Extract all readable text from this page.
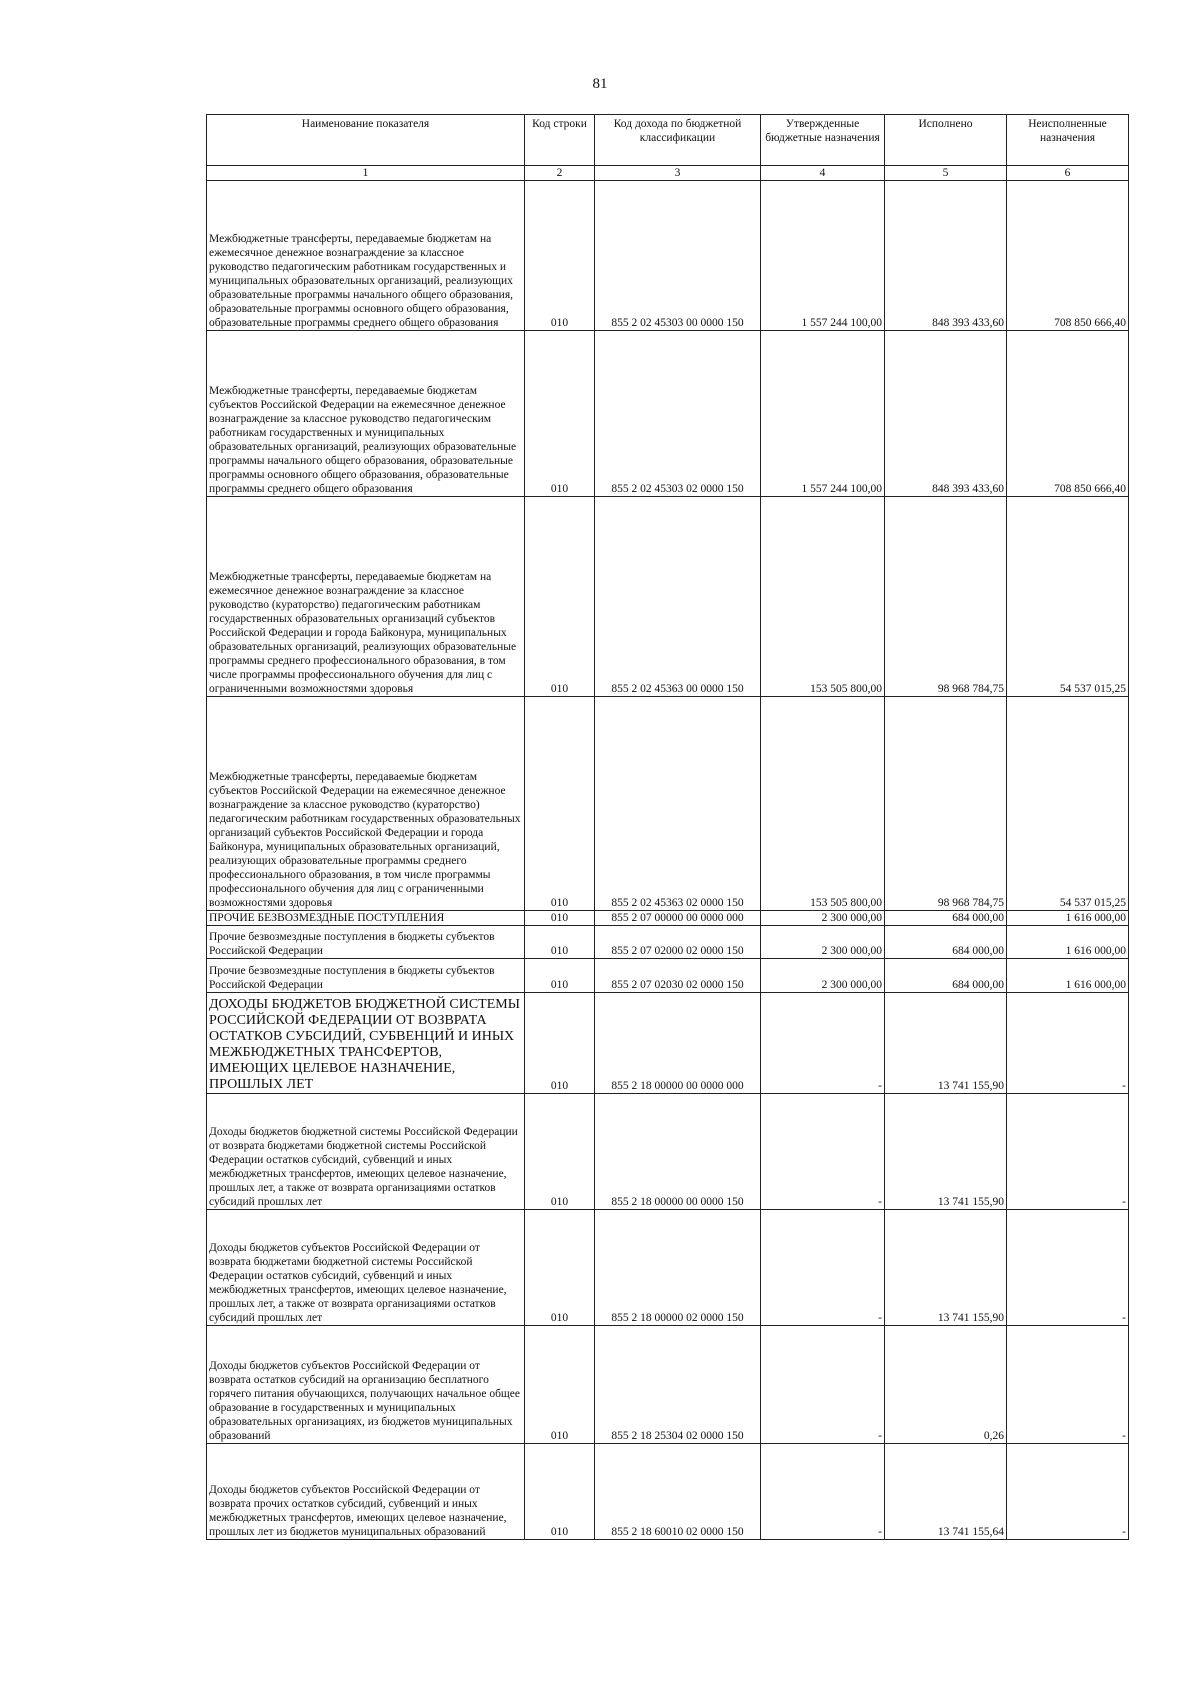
81
Наименование показателя	Код строки	Код дохода по бюджетной классификации	Утвержденные бюджетные назначения	Исполнено	Неисполненные назначения
1	2	3	4	5	6
Межбюджетные трансферты, передаваемые бюджетам на ежемесячное денежное вознаграждение за классное руководство педагогическим работникам государственных и муниципальных образовательных организаций, реализующих образовательные программы начального общего образования, образовательные программы основного общего образования, образовательные программы среднего общего образования	010	855 2 02 45303 00 0000 150	1 557 244 100,00	848 393 433,60	708 850 666,40
Межбюджетные трансферты, передаваемые бюджетам субъектов Российской Федерации на ежемесячное денежное вознаграждение за классное руководство педагогическим работникам государственных и муниципальных образовательных организаций, реализующих образовательные программы начального общего образования, образовательные программы основного общего образования, образовательные программы среднего общего образования	010	855 2 02 45303 02 0000 150	1 557 244 100,00	848 393 433,60	708 850 666,40
Межбюджетные трансферты, передаваемые бюджетам на ежемесячное денежное вознаграждение за классное руководство (кураторство) педагогическим работникам государственных образовательных организаций субъектов Российской Федерации и города Байконура, муниципальных образовательных организаций, реализующих образовательные программы среднего профессионального образования, в том числе программы профессионального обучения для лиц с ограниченными возможностями здоровья	010	855 2 02 45363 00 0000 150	153 505 800,00	98 968 784,75	54 537 015,25
Межбюджетные трансферты, передаваемые бюджетам субъектов Российской Федерации на ежемесячное денежное вознаграждение за классное руководство (кураторство) педагогическим работникам государственных образовательных организаций субъектов Российской Федерации и города Байконура, муниципальных образовательных организаций, реализующих образовательные программы среднего профессионального образования, в том числе программы профессионального обучения для лиц с ограниченными возможностями здоровья	010	855 2 02 45363 02 0000 150	153 505 800,00	98 968 784,75	54 537 015,25
ПРОЧИЕ БЕЗВОЗМЕЗДНЫЕ ПОСТУПЛЕНИЯ	010	855 2 07 00000 00 0000 000	2 300 000,00	684 000,00	1 616 000,00
Прочие безвозмездные поступления в бюджеты субъектов Российской Федерации	010	855 2 07 02000 02 0000 150	2 300 000,00	684 000,00	1 616 000,00
Прочие безвозмездные поступления в бюджеты субъектов Российской Федерации	010	855 2 07 02030 02 0000 150	2 300 000,00	684 000,00	1 616 000,00
ДОХОДЫ БЮДЖЕТОВ БЮДЖЕТНОЙ СИСТЕМЫ РОССИЙСКОЙ ФЕДЕРАЦИИ ОТ ВОЗВРАТА ОСТАТКОВ СУБСИДИЙ, СУБВЕНЦИЙ И ИНЫХ МЕЖБЮДЖЕТНЫХ ТРАНСФЕРТОВ, ИМЕЮЩИХ ЦЕЛЕВОЕ НАЗНАЧЕНИЕ, ПРОШЛЫХ ЛЕТ	010	855 2 18 00000 00 0000 000	-	13 741 155,90	-
Доходы бюджетов бюджетной системы Российской Федерации от возврата бюджетами бюджетной системы Российской Федерации остатков субсидий, субвенций и иных межбюджетных трансфертов, имеющих целевое назначение, прошлых лет, а также от возврата организациями остатков субсидий прошлых лет	010	855 2 18 00000 00 0000 150	-	13 741 155,90	-
Доходы бюджетов субъектов Российской Федерации от возврата бюджетами бюджетной системы Российской Федерации остатков субсидий, субвенций и иных межбюджетных трансфертов, имеющих целевое назначение, прошлых лет, а также от возврата организациями остатков субсидий прошлых лет	010	855 2 18 00000 02 0000 150	-	13 741 155,90	-
Доходы бюджетов субъектов Российской Федерации от возврата остатков субсидий на организацию бесплатного горячего питания обучающихся, получающих начальное общее образование в государственных и муниципальных образовательных организациях, из бюджетов муниципальных образований	010	855 2 18 25304 02 0000 150	-	0,26	-
Доходы бюджетов субъектов Российской Федерации от возврата прочих остатков субсидий, субвенций и иных межбюджетных трансфертов, имеющих целевое назначение, прошлых лет из бюджетов муниципальных образований	010	855 2 18 60010 02 0000 150	-	13 741 155,64	-
